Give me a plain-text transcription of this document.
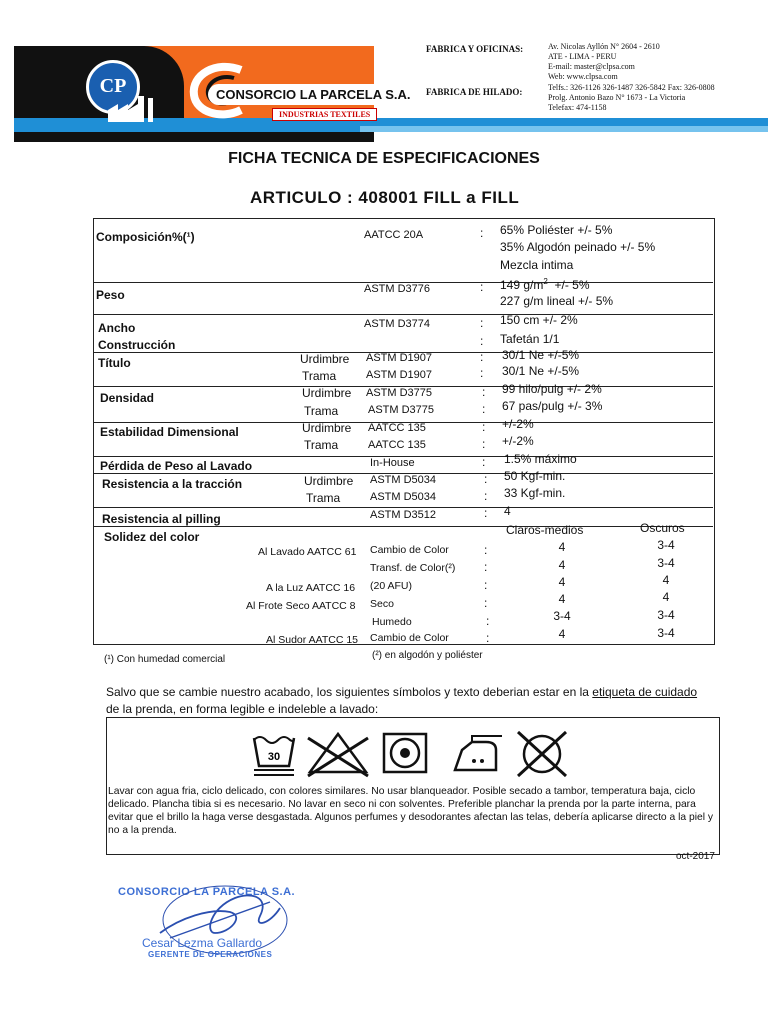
CP	CONSORCIO LA PARCELA S.A.
INDUSTRIAS TEXTILES
FABRICA Y OFICINAS:	Av. Nicolas Ayllón N° 2604 - 2610
ATE - LIMA - PERU
E-mail: master@clpsa.com
Web: www.clpsa.com
FABRICA DE HILADO:	Telfs.: 326-1126 326-1487 326-5842 Fax: 326-0808
Prolg. Antonio Bazo N° 1673 - La Victoria
Telefax: 474-1158
FICHA TECNICA DE ESPECIFICACIONES
ARTICULO : 408001 FILL a FILL
Composición%(¹)	AATCC 20A	: 65% Poliéster +/- 5%
35% Algodón peinado +/- 5%
Mezcla intima
Peso	ASTM D3776	: 149 $g/m^2$  +/- 5%
227 g/m lineal +/- 5%
Ancho	ASTM D3774	: 150 cm +/- 2%
Construcción	: Tafetán 1/1
Título	Urdimbre ASTM D1907	: 30/1 Ne +/-5%
Trama	ASTM D1907	: 30/1 Ne +/-5%
Densidad	Urdimbre ASTM D3775	: 99 hilo/pulg +/- 2%
Trama	ASTM D3775	: 67 pas/pulg +/- 3%
Estabilidad Dimensional	Urdimbre AATCC 135	: +/-2%
Trama	AATCC 135	: +/-2%
Pérdida de Peso al Lavado	In-House	: 1.5% máximo
Resistencia a la tracción	Urdimbre ASTM D5034	: 50 Kgf-min.
Trama	ASTM D5034	: 33 Kgf-min.
Resistencia al pilling	ASTM D3512	: 4
Solidez del color	Claros-medios	Oscuros
Al Lavado AATCC 61 Cambio de Color	:	4	3-4
Transf. de Color(²) :	4	3-4
A la Luz AATCC 16 (20 AFU)	:	4	4
Al Frote Seco AATCC 8 Seco	:	4	4
Humedo	:	3-4	3-4
Al Sudor AATCC 15 Cambio de Color	:	4	3-4
(¹) Con humedad comercial	(²) en algodón y poliéster
Salvo que se cambie nuestro acabado, los siguientes símbolos y texto deberian estar en la etiqueta de cuidado de la prenda, en forma legible e indeleble a lavado:
30
Lavar con agua fria, ciclo delicado, con colores similares. No usar blanqueador. Posible secado a tambor, temperatura baja, ciclo delicado. Plancha tibia si es necesario. No lavar en seco ni con solventes. Preferible planchar la prenda por la parte interna, para evitar que el brillo la haga verse desgastada. Algunos perfumes y desodorantes afectan las telas, debería aplicarse directo a la piel y no a la prenda.
oct-2017
CONSORCIO LA PARCELA S.A.
Cesar Lezma Gallardo
GERENTE DE OPERACIONES
